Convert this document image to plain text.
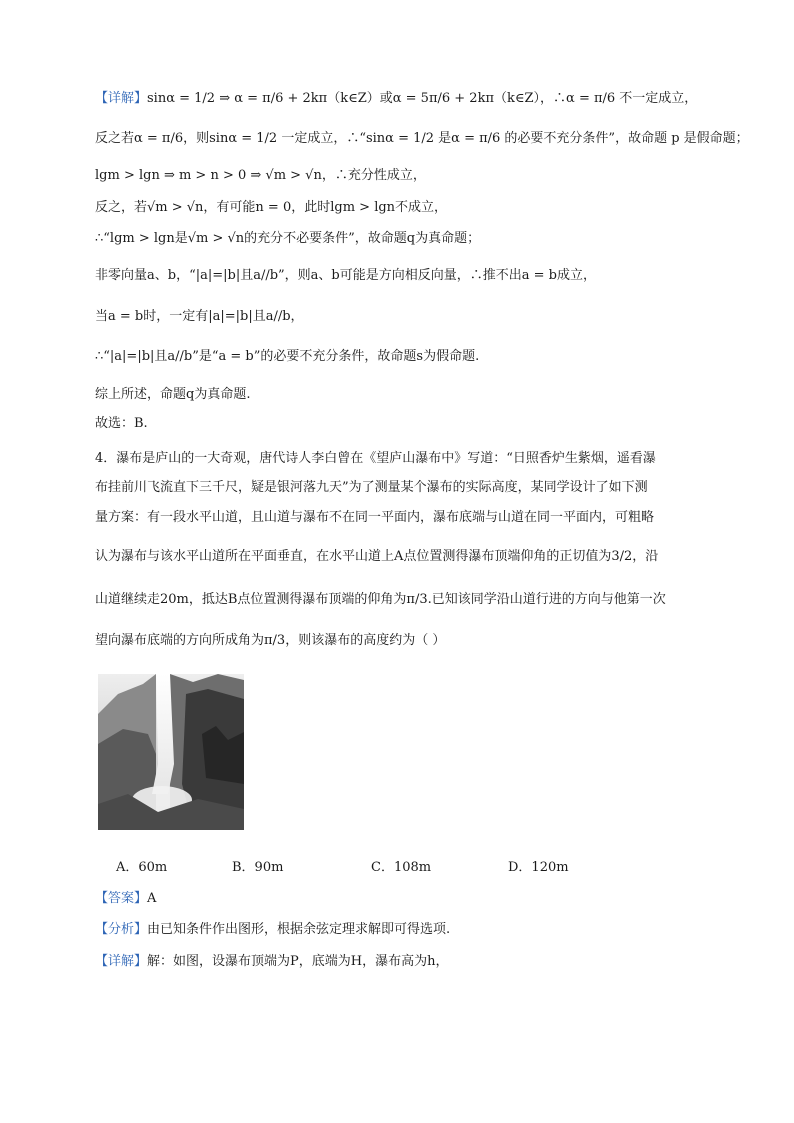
【详解】sinα = 1/2 ⇒ α = π/6 + 2kπ（k∈Z）或α = 5π/6 + 2kπ（k∈Z），∴α = π/6 不一定成立，
反之若α = π/6，则sinα = 1/2 一定成立，∴“sinα = 1/2 是α = π/6 的必要不充分条件”，故命题 p 是假命题；
lgm > lgn ⇒ m > n > 0 ⇒ √m > √n，∴充分性成立，
反之，若√m > √n，有可能n = 0，此时lgm > lgn不成立，
∴“lgm > lgn是√m > √n的充分不必要条件”，故命题q为真命题；
非零向量a、b，“|a|=|b|且a//b”，则a、b可能是方向相反向量，∴推不出a = b成立，
当a = b时，一定有|a|=|b|且a//b，
∴“|a|=|b|且a//b”是“a = b”的必要不充分条件，故命题s为假命题.
综上所述，命题q为真命题.
故选：B.
4．瀑布是庐山的一大奇观，唐代诗人李白曾在《望庐山瀑布中》写道：“日照香炉生紫烟，遥看瀑
布挂前川飞流直下三千尺，疑是银河落九天”为了测量某个瀑布的实际高度，某同学设计了如下测
量方案：有一段水平山道，且山道与瀑布不在同一平面内，瀑布底端与山道在同一平面内，可粗略
认为瀑布与该水平山道所在平面垂直，在水平山道上A点位置测得瀑布顶端仰角的正切值为3/2，沿
山道继续走20m，抵达B点位置测得瀑布顶端的仰角为π/3.已知该同学沿山道行进的方向与他第一次
望向瀑布底端的方向所成角为π/3，则该瀑布的高度约为（ ）
A．60m	B．90m	C．108m	D．120m
【答案】A
【分析】由已知条件作出图形，根据余弦定理求解即可得选项.
【详解】解：如图，设瀑布顶端为P，底端为H，瀑布高为h，
